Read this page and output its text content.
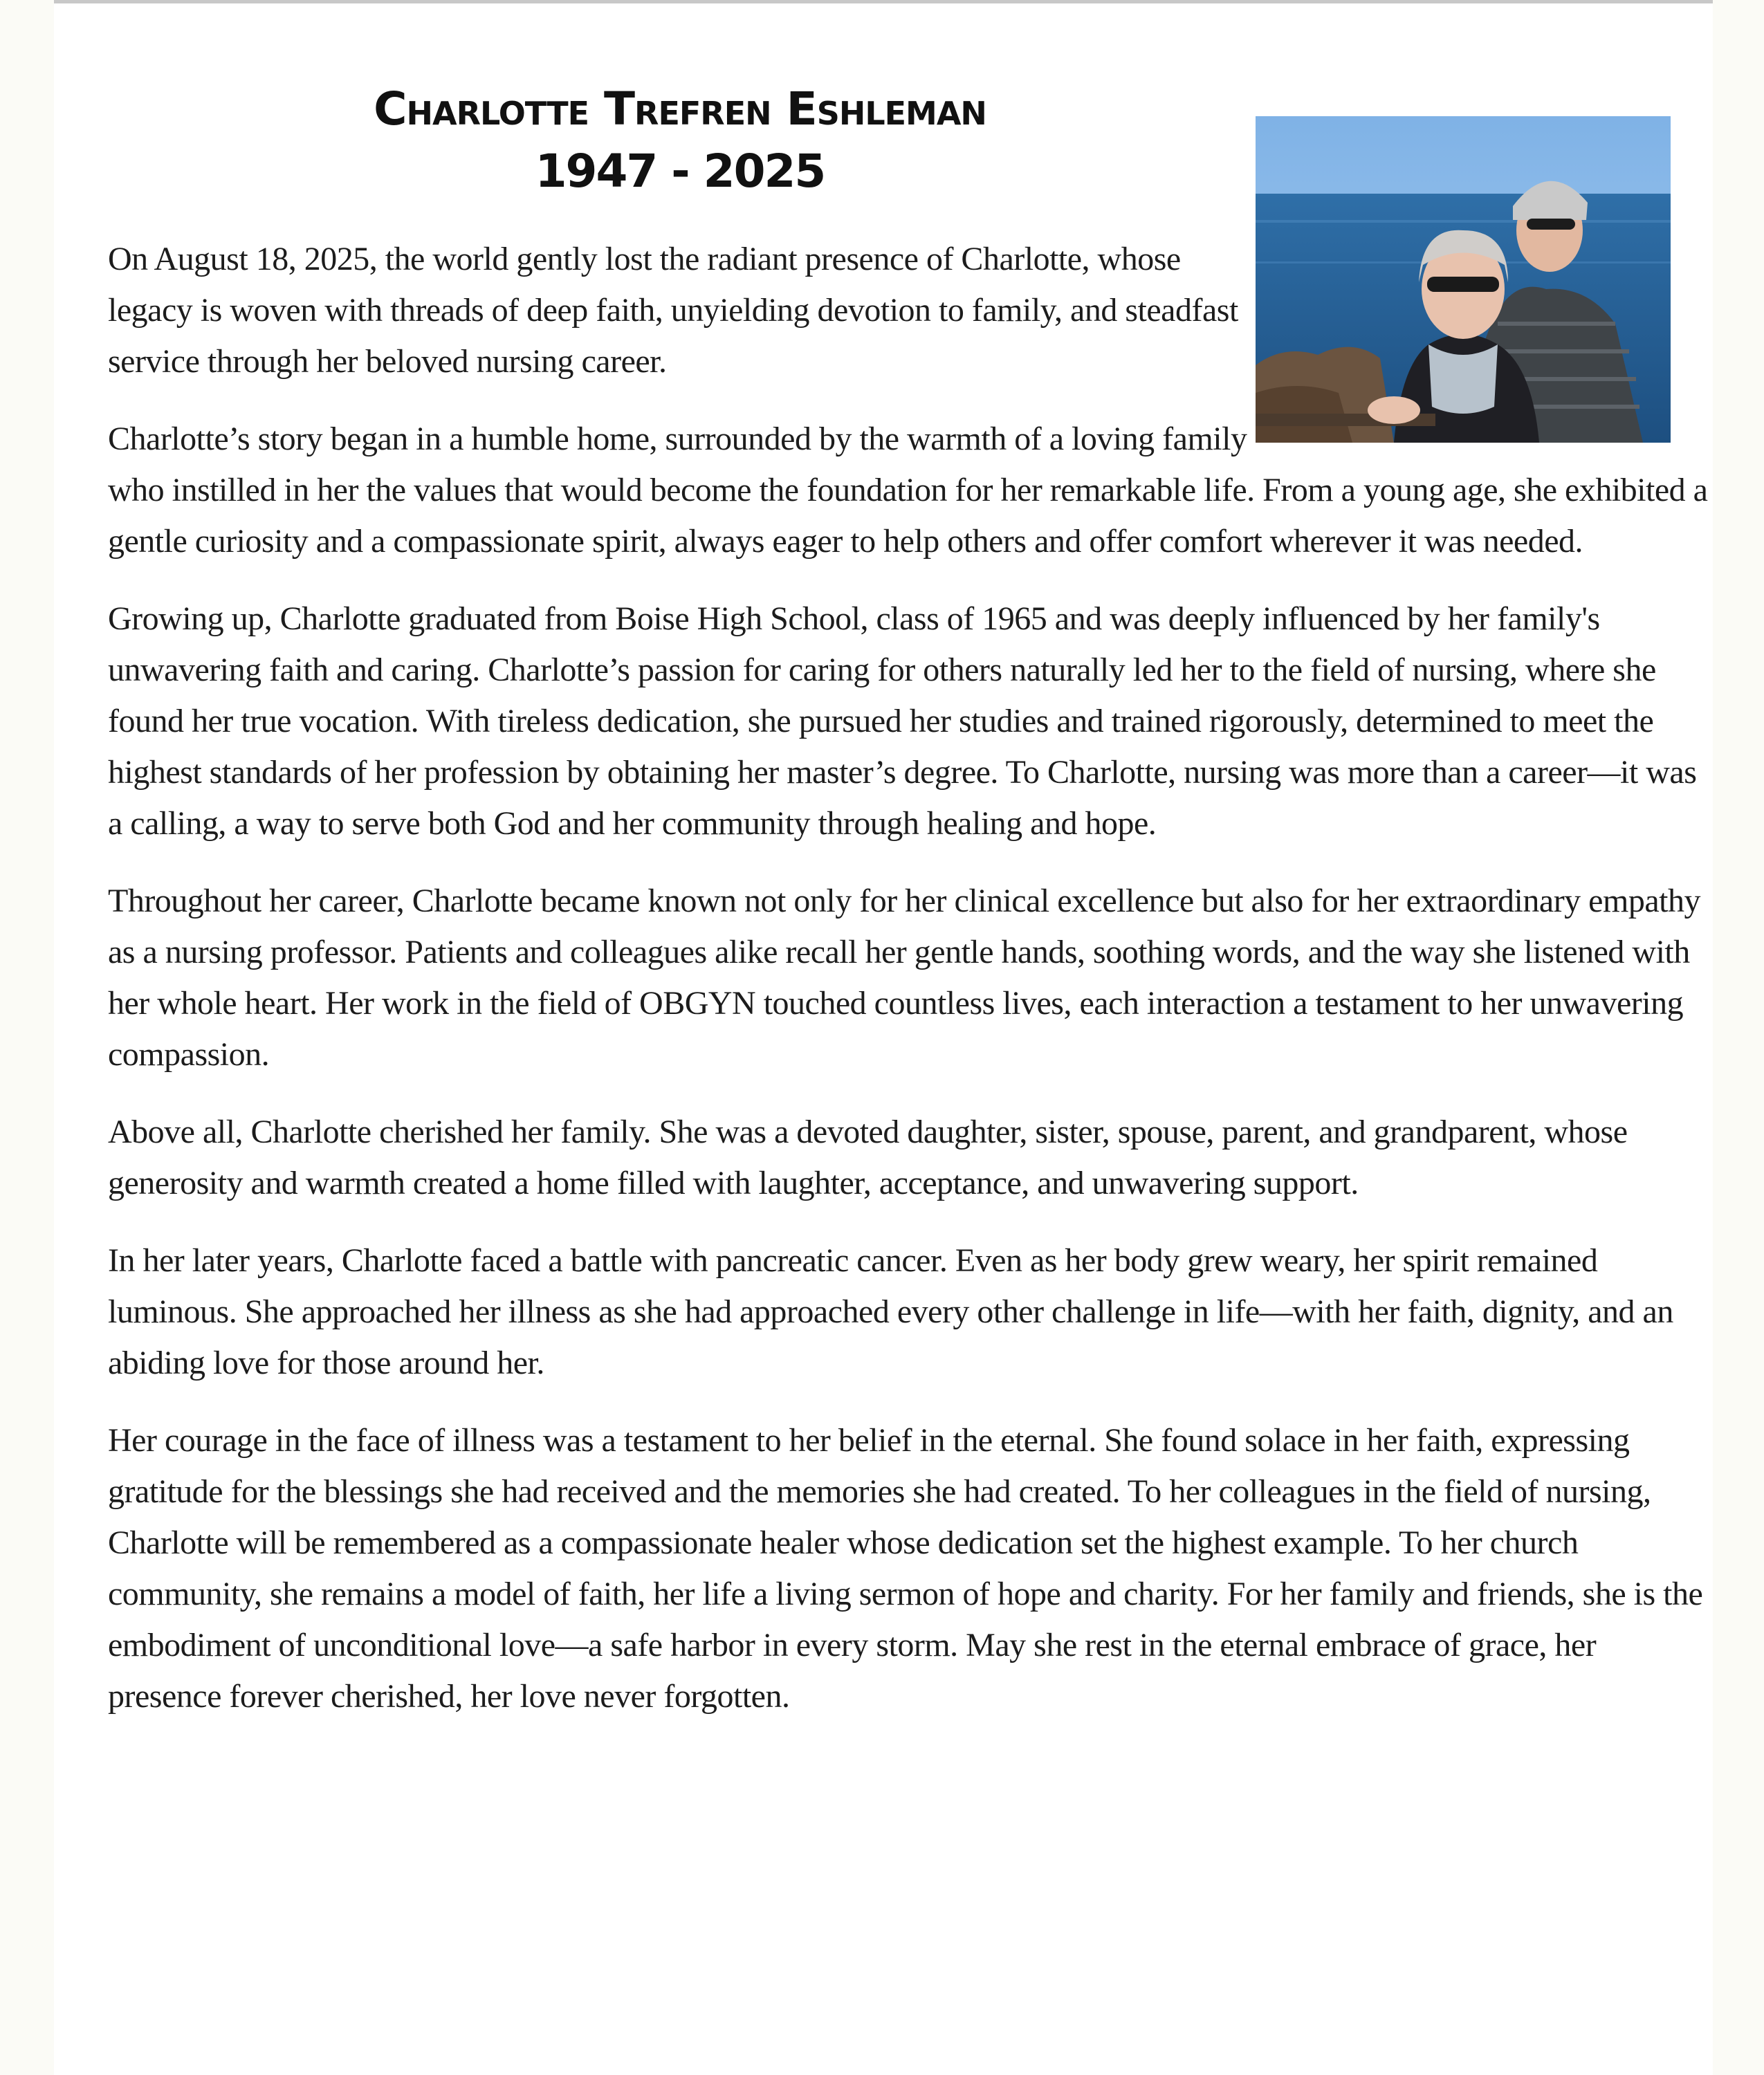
Charlotte Trefren Eshleman
1947 - 2025

On August 18, 2025, the world gently lost the radiant presence of Charlotte, whose legacy is woven with threads of deep faith, unyielding devotion to family, and steadfast service through her beloved nursing career.

Charlotte’s story began in a humble home, surrounded by the warmth of a loving family who instilled in her the values that would become the foundation for her remarkable life. From a young age, she exhibited a gentle curiosity and a compassionate spirit, always eager to help others and offer comfort wherever it was needed.

Growing up, Charlotte graduated from Boise High School, class of 1965 and was deeply influenced by her family's unwavering faith and caring. Charlotte’s passion for caring for others naturally led her to the field of nursing, where she found her true vocation. With tireless dedication, she pursued her studies and trained rigorously, determined to meet the highest standards of her profession by obtaining her master’s degree. To Charlotte, nursing was more than a career—it was a calling, a way to serve both God and her community through healing and hope.

Throughout her career, Charlotte became known not only for her clinical excellence but also for her extraordinary empathy as a nursing professor. Patients and colleagues alike recall her gentle hands, soothing words, and the way she listened with her whole heart. Her work in the field of OBGYN touched countless lives, each interaction a testament to her unwavering compassion.

Above all, Charlotte cherished her family. She was a devoted daughter, sister, spouse, parent, and grandparent, whose generosity and warmth created a home filled with laughter, acceptance, and unwavering support.

In her later years, Charlotte faced a battle with pancreatic cancer. Even as her body grew weary, her spirit remained luminous. She approached her illness as she had approached every other challenge in life—with her faith, dignity, and an abiding love for those around her.

Her courage in the face of illness was a testament to her belief in the eternal. She found solace in her faith, expressing gratitude for the blessings she had received and the memories she had created. To her colleagues in the field of nursing, Charlotte will be remembered as a compassionate healer whose dedication set the highest example. To her church community, she remains a model of faith, her life a living sermon of hope and charity. For her family and friends, she is the embodiment of unconditional love—a safe harbor in every storm. May she rest in the eternal embrace of grace, her presence forever cherished, her love never forgotten.
